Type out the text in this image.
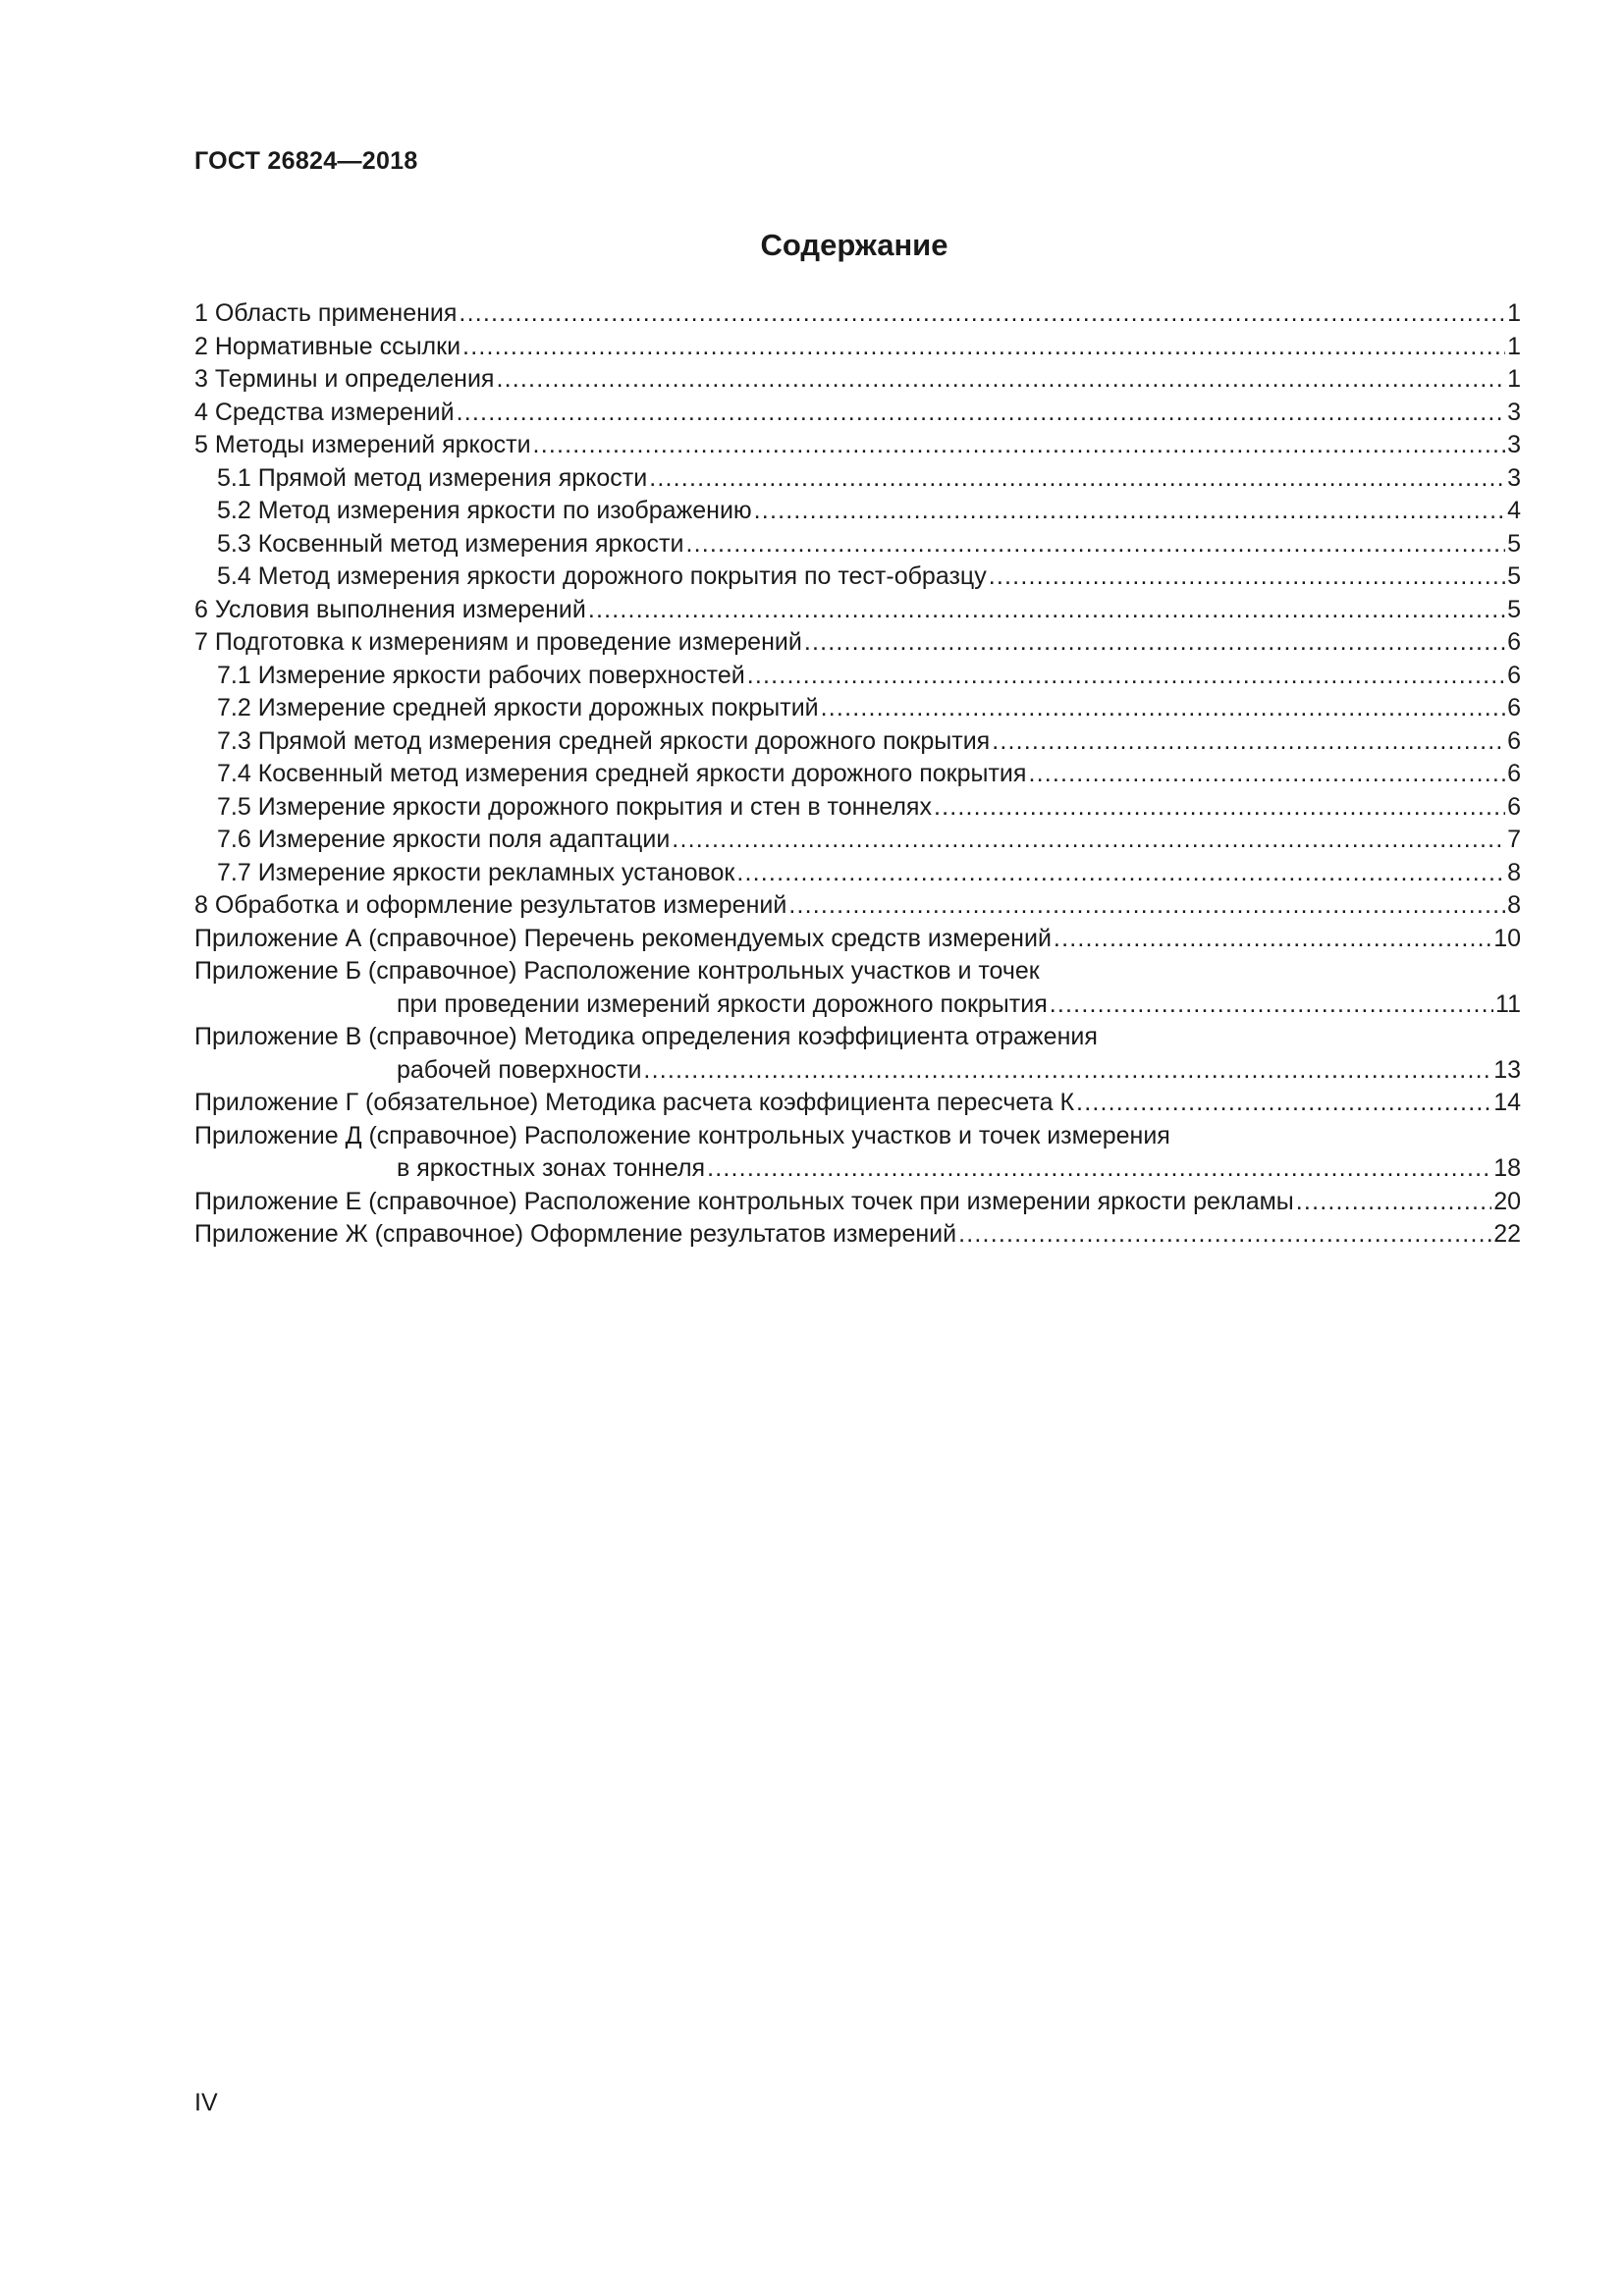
ГОСТ 26824—2018
Содержание
1 Область применения .....	1
2 Нормативные ссылки .....	1
3 Термины и определения .....	1
4 Средства измерений .....	3
5 Методы измерений яркости .....	3
5.1 Прямой метод измерения яркости .....	3
5.2 Метод измерения яркости по изображению .....	4
5.3 Косвенный метод измерения яркости .....	5
5.4 Метод измерения яркости дорожного покрытия по тест-образцу .....	5
6 Условия выполнения измерений .....	5
7 Подготовка к измерениям и проведение измерений .....	6
7.1 Измерение яркости рабочих поверхностей .....	6
7.2 Измерение средней яркости дорожных покрытий .....	6
7.3 Прямой метод измерения средней яркости дорожного покрытия .....	6
7.4 Косвенный метод измерения средней яркости дорожного покрытия .....	6
7.5 Измерение яркости дорожного покрытия и стен в тоннелях .....	6
7.6 Измерение яркости поля адаптации .....	7
7.7 Измерение яркости рекламных установок .....	8
8 Обработка и оформление результатов измерений .....	8
Приложение А (справочное) Перечень рекомендуемых средств измерений .....	10
Приложение Б (справочное) Расположение контрольных участков и точек
при проведении измерений яркости дорожного покрытия .....	11
Приложение В (справочное) Методика определения коэффициента отражения
рабочей поверхности .....	13
Приложение Г (обязательное) Методика расчета коэффициента пересчета К .....	14
Приложение Д (справочное) Расположение контрольных участков и точек измерения
в яркостных зонах тоннеля .....	18
Приложение Е (справочное) Расположение контрольных точек при измерении яркости рекламы .....	20
Приложение Ж (справочное) Оформление результатов измерений .....	22
IV
